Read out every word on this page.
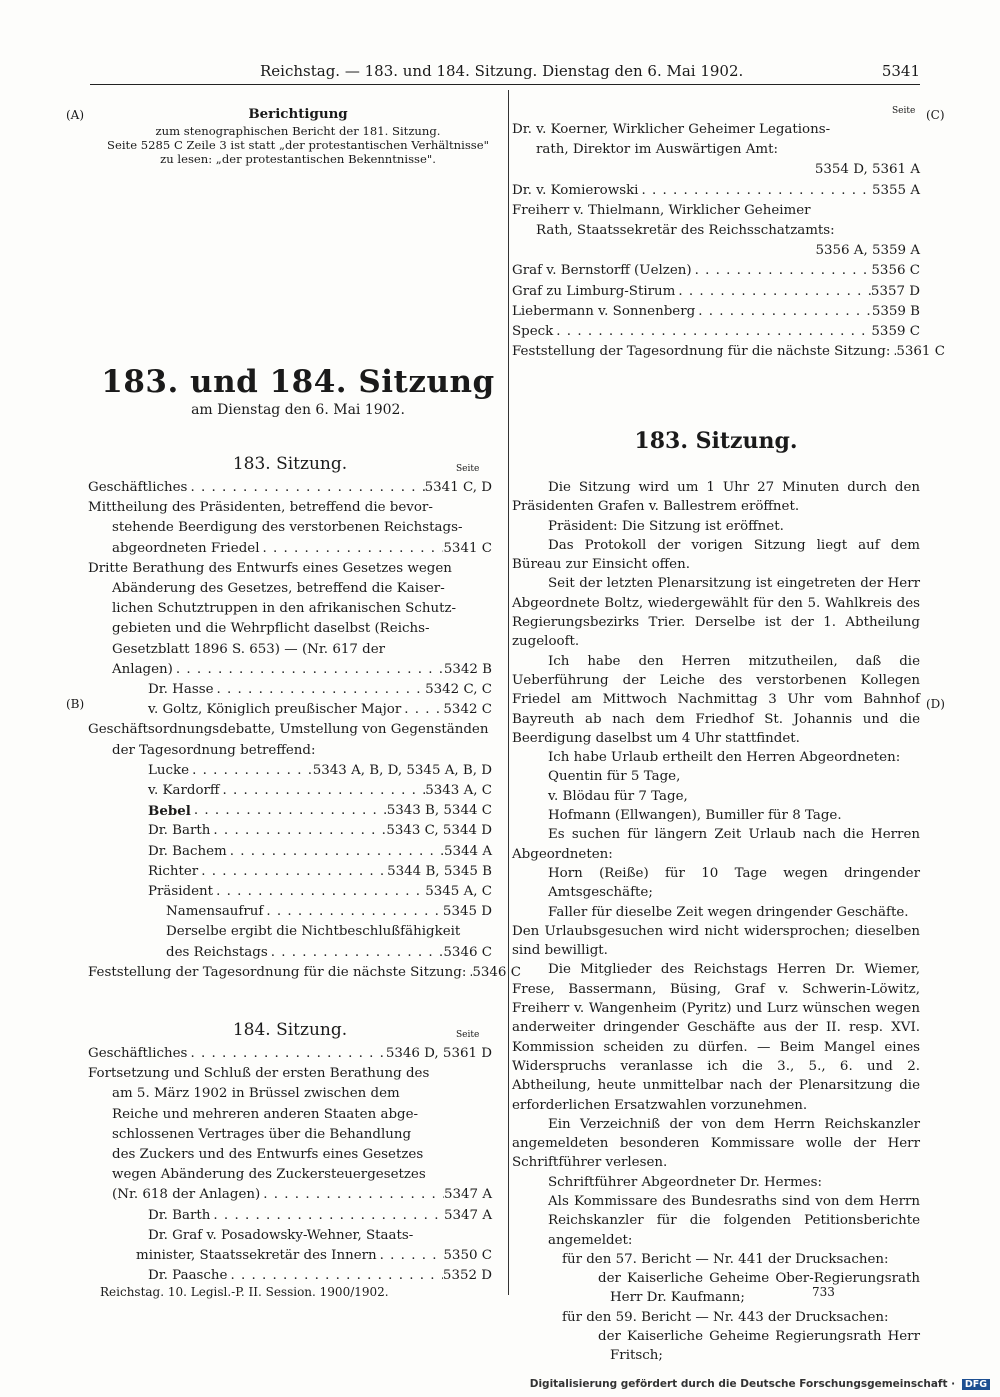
Reichstag. — 183. und 184. Sitzung. Dienstag den 6. Mai 1902.	5341
(A)	(C)
(B)	(D)

Berichtigung

zum stenographischen Bericht der 181. Sitzung.

Seite 5285 C Zeile 3 ist statt „der protestantischen Verhältnisse"

zu lesen: „der protestantischen Bekenntnisse".

Seite
Dr. v. Koerner, Wirklicher Geheimer Legations-
rath, Direktor im Auswärtigen Amt:
5354 D, 5361 A
Dr. v. Komierowski . . .	5355 A
Freiherr v. Thielmann, Wirklicher Geheimer
Rath, Staatssekretär des Reichsschatzamts:
5356 A, 5359 A
Graf v. Bernstorff (Uelzen) . . .	5356 C
Graf zu Limburg-Stirum . . .	5357 D
Liebermann v. Sonnenberg . . .	5359 B
Speck . . .	5359 C
Feststellung der Tagesordnung für die nächste Sitzung: . . . 5361 C
183. und 184. Sitzung
am Dienstag den 6. Mai 1902.
183. Sitzung.	Seite
Geschäftliches . . .	5341 C, D
Mittheilung des Präsidenten, betreffend die bevor-
stehende Beerdigung des verstorbenen Reichstags-
abgeordneten Friedel . . .	5341 C
Dritte Berathung des Entwurfs eines Gesetzes wegen
Abänderung des Gesetzes, betreffend die Kaiser-
lichen Schutztruppen in den afrikanischen Schutz-
gebieten und die Wehrpflicht daselbst (Reichs-
Gesetzblatt 1896 S. 653) — (Nr. 617 der
Anlagen) . . .	5342 B
Dr. Hasse . . .	5342 C, C
v. Goltz, Königlich preußischer Major . . .	5342 C
Geschäftsordnungsdebatte, Umstellung von Gegenständen
der Tagesordnung betreffend:
Lucke . . .	5343 A, B, D, 5345 A, B, D
v. Kardorff . . .	5343 A, C
Bebel . . .	5343 B, 5344 C
Dr. Barth . . .	5343 C, 5344 D
Dr. Bachem . . .	5344 A
Richter . . .	5344 B, 5345 B
Präsident . . .	5345 A, C
Namensaufruf . . .	5345 D
Derselbe ergibt die Nichtbeschlußfähigkeit
des Reichstags . . .	5346 C
Feststellung der Tagesordnung für die nächste Sitzung: . . . 5346 C
184. Sitzung.	Seite
Geschäftliches . . .	5346 D, 5361 D
Fortsetzung und Schluß der ersten Berathung des
am 5. März 1902 in Brüssel zwischen dem
Reiche und mehreren anderen Staaten abge-
schlossenen Vertrages über die Behandlung
des Zuckers und des Entwurfs eines Gesetzes
wegen Abänderung des Zuckersteuergesetzes
(Nr. 618 der Anlagen) . . .	5347 A
Dr. Barth . . .	5347 A
Dr. Graf v. Posadowsky-Wehner, Staats-
minister, Staatssekretär des Innern . . .	5350 C
Dr. Paasche . . .	5352 D
183. Sitzung.

Die Sitzung wird um 1 Uhr 27 Minuten durch den Präsidenten Grafen v. Ballestrem eröffnet.

Präsident: Die Sitzung ist eröffnet.

Das Protokoll der vorigen Sitzung liegt auf dem Büreau zur Einsicht offen.

Seit der letzten Plenarsitzung ist eingetreten der Herr Abgeordnete Boltz, wiedergewählt für den 5. Wahlkreis des Regierungsbezirks Trier. Derselbe ist der 1. Abtheilung zugelooft.

Ich habe den Herren mitzutheilen, daß die Ueberführung der Leiche des verstorbenen Kollegen Friedel am Mittwoch Nachmittag 3 Uhr vom Bahnhof Bayreuth ab nach dem Friedhof St. Johannis und die Beerdigung daselbst um 4 Uhr stattfindet.

Ich habe Urlaub ertheilt den Herren Abgeordneten:

Quentin für 5 Tage,

v. Blödau für 7 Tage,

Hofmann (Ellwangen), Bumiller für 8 Tage.

Es suchen für längern Zeit Urlaub nach die Herren Abgeordneten:

Horn (Reiße) für 10 Tage wegen dringender Amtsgeschäfte;

Faller für dieselbe Zeit wegen dringender Geschäfte.

Den Urlaubsgesuchen wird nicht widersprochen; dieselben sind bewilligt.

Die Mitglieder des Reichstags Herren Dr. Wiemer, Frese, Bassermann, Büsing, Graf v. Schwerin-Löwitz, Freiherr v. Wangenheim (Pyritz) und Lurz wünschen wegen anderweiter dringender Geschäfte aus der II. resp. XVI. Kommission scheiden zu dürfen. — Beim Mangel eines Widerspruchs veranlasse ich die 3., 5., 6. und 2. Abtheilung, heute unmittelbar nach der Plenarsitzung die erforderlichen Ersatzwahlen vorzunehmen.

Ein Verzeichniß der von dem Herrn Reichskanzler angemeldeten besonderen Kommissare wolle der Herr Schriftführer verlesen.

Schriftführer Abgeordneter Dr. Hermes:

Als Kommissare des Bundesraths sind von dem Herrn Reichskanzler für die folgenden Petitionsberichte angemeldet:

für den 57. Bericht — Nr. 441 der Drucksachen:

der Kaiserliche Geheime Ober-Regierungsrath Herr Dr. Kaufmann;

für den 59. Bericht — Nr. 443 der Drucksachen:

der Kaiserliche Geheime Regierungsrath Herr Fritsch;

Reichstag. 10. Legisl.-P. II. Session. 1900/1902.	733
Digitalisierung gefördert durch die Deutsche Forschungsgemeinschaft · DFG
